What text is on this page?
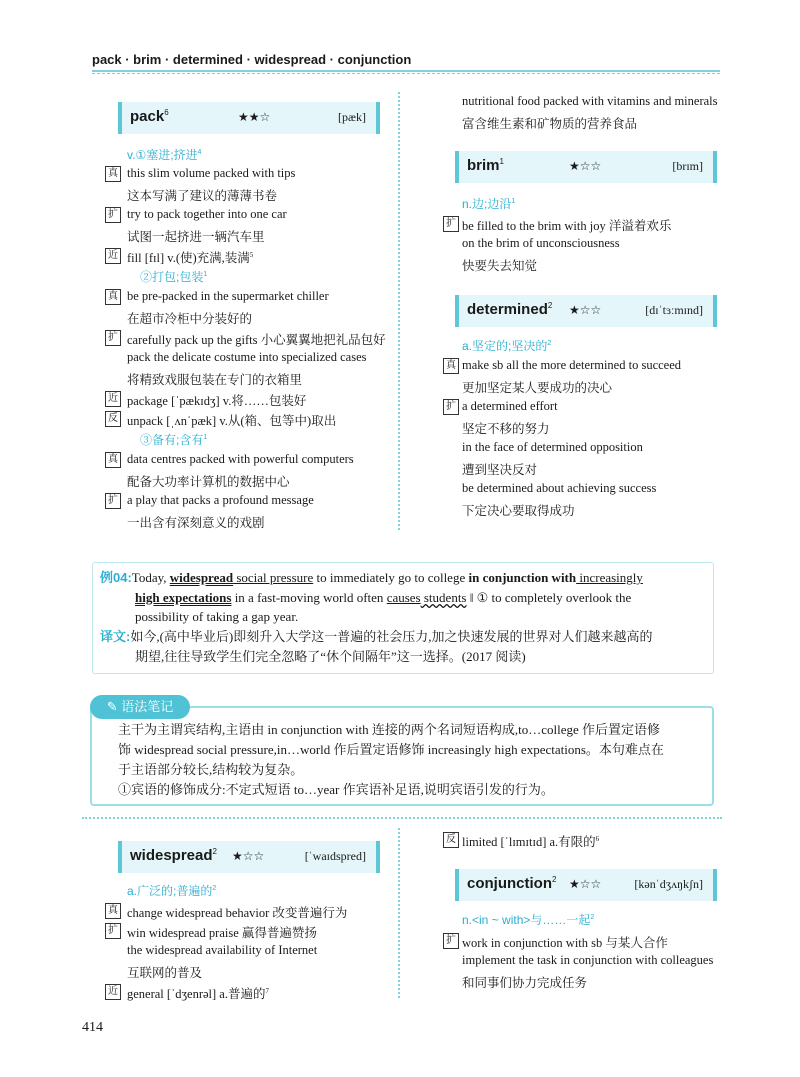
pack · brim · determined · widespread · conjunction
pack$^6$	★★☆	[pæk]
v.①塞进;挤进$^4$
真 this slim volume packed with tips
这本写满了建议的薄薄书卷
扩 try to pack together into one car
试图一起挤进一辆汽车里
近 fill [fɪl] v.(使)充满,装满$^5$
②打包;包装$^1$
真 be pre-packed in the supermarket chiller
在超市冷柜中分装好的
扩 carefully pack up the gifts 小心翼翼地把礼品包好
pack the delicate costume into specialized cases
将精致戏服包装在专门的衣箱里
近 package [ˈpækɪdʒ] v.将……包装好
反 unpack [ˌʌnˈpæk] v.从(箱、包等中)取出
③备有;含有$^1$
真 data centres packed with powerful computers
配备大功率计算机的数据中心
扩 a play that packs a profound message
一出含有深刻意义的戏剧
nutritional food packed with vitamins and minerals
富含维生素和矿物质的营养食品
brim$^1$	★☆☆	[brɪm]
n.边;边沿$^1$
扩 be filled to the brim with joy 洋溢着欢乐
on the brim of unconsciousness
快要失去知觉
determined$^2$ ★☆☆	[dɪˈtɜːmɪnd]
a.坚定的;坚决的$^2$
真 make sb all the more determined to succeed
更加坚定某人要成功的决心
扩 a determined effort
坚定不移的努力
in the face of determined opposition
遭到坚决反对
be determined about achieving success
下定决心要取得成功
例04:Today, widespread social pressure to immediately go to college in conjunction with increasingly
high expectations in a fast-moving world often causes students ‖ ① to completely overlook the
possibility of taking a gap year.
译文:如今,(高中毕业后)即刻升入大学这一普遍的社会压力,加之快速发展的世界对人们越来越高的
期望,往往导致学生们完全忽略了“休个间隔年”这一选择。(2017 阅读)
✎ 语法笔记
主干为主谓宾结构,主语由 in conjunction with 连接的两个名词短语构成,to…college 作后置定语修
饰 widespread social pressure,in…world 作后置定语修饰 increasingly high expectations。本句难点在
于主语部分较长,结构较为复杂。
①宾语的修饰成分:不定式短语 to…year 作宾语补足语,说明宾语引发的行为。
widespread$^2$ ★☆☆	[ˈwaɪdspred]
a.广泛的;普遍的$^2$
真 change widespread behavior 改变普遍行为
扩 win widespread praise 赢得普遍赞扬
the widespread availability of Internet
互联网的普及
近 general [ˈdʒenrəl] a.普遍的$^7$
反 limited [ˈlɪmɪtɪd] a.有限的$^6$
conjunction$^2$ ★☆☆	[kənˈdʒʌŋkʃn]
n.<in ~ with>与……一起$^2$
扩 work in conjunction with sb 与某人合作
implement the task in conjunction with colleagues
和同事们协力完成任务
414
